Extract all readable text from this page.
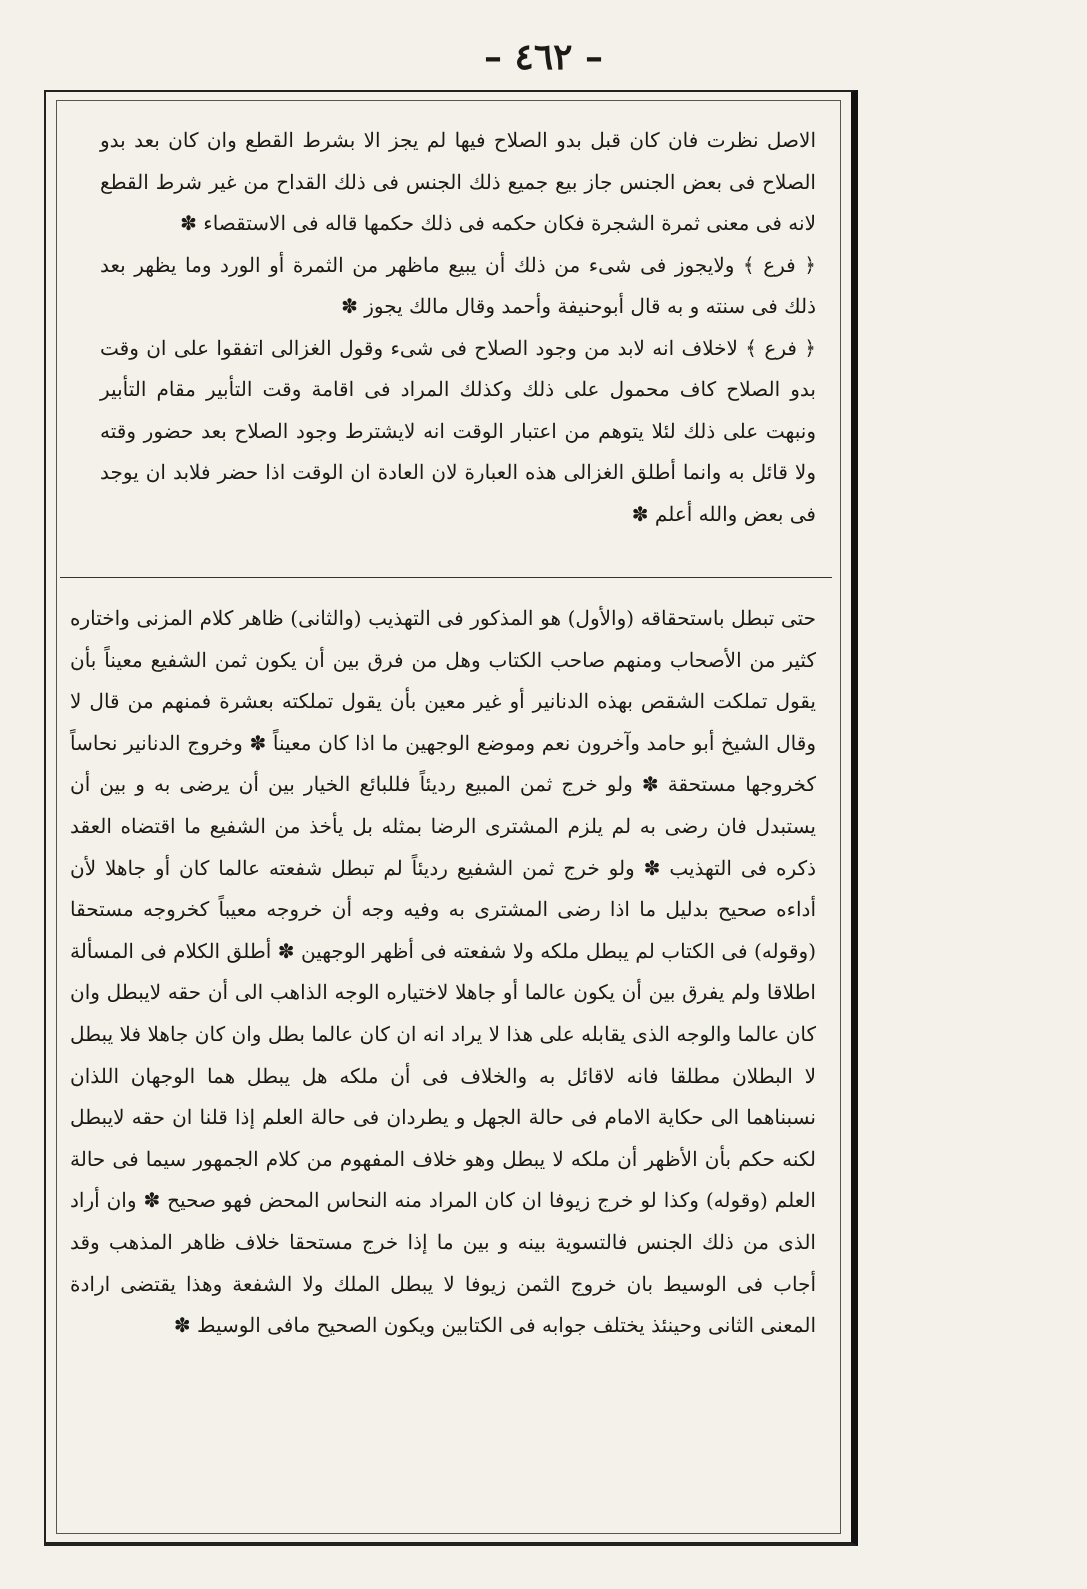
– ٤٦٢ –

الاصل نظرت فان كان قبل بدو الصلاح فيها لم يجز الا بشرط القطع وان كان بعد بدو الصلاح فى بعض الجنس جاز بيع جميع ذلك الجنس فى ذلك القداح من غير شرط القطع لانه فى معنى ثمرة الشجرة فكان حكمه فى ذلك حكمها قاله فى الاستقصاء ✽

﴿ فرع ﴾ ولايجوز فى شىء من ذلك أن يبيع ماظهر من الثمرة أو الورد وما يظهر بعد ذلك فى سنته و به قال أبوحنيفة وأحمد وقال مالك يجوز ✽

﴿ فرع ﴾ لاخلاف انه لابد من وجود الصلاح فى شىء وقول الغزالى اتفقوا على ان وقت بدو الصلاح كاف محمول على ذلك وكذلك المراد فى اقامة وقت التأبير مقام التأبير ونبهت على ذلك لئلا يتوهم من اعتبار الوقت انه لايشترط وجود الصلاح بعد حضور وقته ولا قائل به وانما أطلق الغزالى هذه العبارة لان العادة ان الوقت اذا حضر فلابد ان يوجد فى بعض والله أعلم ✽

حتى تبطل باستحقاقه (والأول) هو المذكور فى التهذيب (والثانى) ظاهر كلام المزنى واختاره كثير من الأصحاب ومنهم صاحب الكتاب وهل من فرق بين أن يكون ثمن الشفيع معيناً بأن يقول تملكت الشقص بهذه الدنانير أو غير معين بأن يقول تملكته بعشرة فمنهم من قال لا وقال الشيخ أبو حامد وآخرون نعم وموضع الوجهين ما اذا كان معيناً ✽ وخروج الدنانير نحاساً كخروجها مستحقة ✽ ولو خرج ثمن المبيع رديئاً فللبائع الخيار بين أن يرضى به و بين أن يستبدل فان رضى به لم يلزم المشترى الرضا بمثله بل يأخذ من الشفيع ما اقتضاه العقد ذكره فى التهذيب ✽ ولو خرج ثمن الشفيع رديئاً لم تبطل شفعته عالما كان أو جاهلا لأن أداءه صحيح بدليل ما اذا رضى المشترى به وفيه وجه أن خروجه معيباً كخروجه مستحقا (وقوله) فى الكتاب لم يبطل ملكه ولا شفعته فى أظهر الوجهين ✽ أطلق الكلام فى المسألة اطلاقا ولم يفرق بين أن يكون عالما أو جاهلا لاختياره الوجه الذاهب الى أن حقه لايبطل وان كان عالما والوجه الذى يقابله على هذا لا يراد انه ان كان عالما بطل وان كان جاهلا فلا يبطل لا البطلان مطلقا فانه لاقائل به والخلاف فى أن ملكه هل يبطل هما الوجهان اللذان نسبناهما الى حكاية الامام فى حالة الجهل و يطردان فى حالة العلم إذا قلنا ان حقه لايبطل لكنه حكم بأن الأظهر أن ملكه لا يبطل وهو خلاف المفهوم من كلام الجمهور سيما فى حالة العلم (وقوله) وكذا لو خرج زيوفا ان كان المراد منه النحاس المحض فهو صحيح ✽ وان أراد الذى من ذلك الجنس فالتسوية بينه و بين ما إذا خرج مستحقا خلاف ظاهر المذهب وقد أجاب فى الوسيط بان خروج الثمن زيوفا لا يبطل الملك ولا الشفعة وهذا يقتضى ارادة المعنى الثانى وحينئذ يختلف جوابه فى الكتابين ويكون الصحيح مافى الوسيط ✽
